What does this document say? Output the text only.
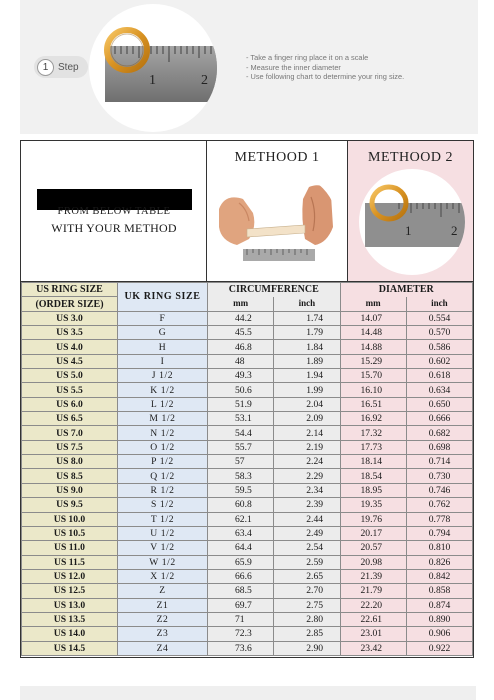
1 Step
1	2
- Take a finger ring place it on a scale
- Measure the inner diameter
- Use following chart to determine your ring size.
FROM BELOW TABLE
WITH YOUR METHOD
METHOOD 1	METHOOD 2
1	2
US RING SIZE	UK RING SIZE	CIRCUMFERENCE		DIAMETER	
(ORDER SIZE)		mm	inch	mm	inch
US 3.0	F	44.2	1.74	14.07	0.554
US 3.5	G	45.5	1.79	14.48	0.570
US 4.0	H	46.8	1.84	14.88	0.586
US 4.5	I	48	1.89	15.29	0.602
US 5.0	J 1/2	49.3	1.94	15.70	0.618
US 5.5	K 1/2	50.6	1.99	16.10	0.634
US 6.0	L 1/2	51.9	2.04	16.51	0.650
US 6.5	M 1/2	53.1	2.09	16.92	0.666
US 7.0	N 1/2	54.4	2.14	17.32	0.682
US 7.5	O 1/2	55.7	2.19	17.73	0.698
US 8.0	P 1/2	57	2.24	18.14	0.714
US 8.5	Q 1/2	58.3	2.29	18.54	0.730
US 9.0	R 1/2	59.5	2.34	18.95	0.746
US 9.5	S 1/2	60.8	2.39	19.35	0.762
US 10.0	T 1/2	62.1	2.44	19.76	0.778
US 10.5	U 1/2	63.4	2.49	20.17	0.794
US 11.0	V 1/2	64.4	2.54	20.57	0.810
US 11.5	W 1/2	65.9	2.59	20.98	0.826
US 12.0	X 1/2	66.6	2.65	21.39	0.842
US 12.5	Z	68.5	2.70	21.79	0.858
US 13.0	Z1	69.7	2.75	22.20	0.874
US 13.5	Z2	71	2.80	22.61	0.890
US 14.0	Z3	72.3	2.85	23.01	0.906
US 14.5	Z4	73.6	2.90	23.42	0.922
